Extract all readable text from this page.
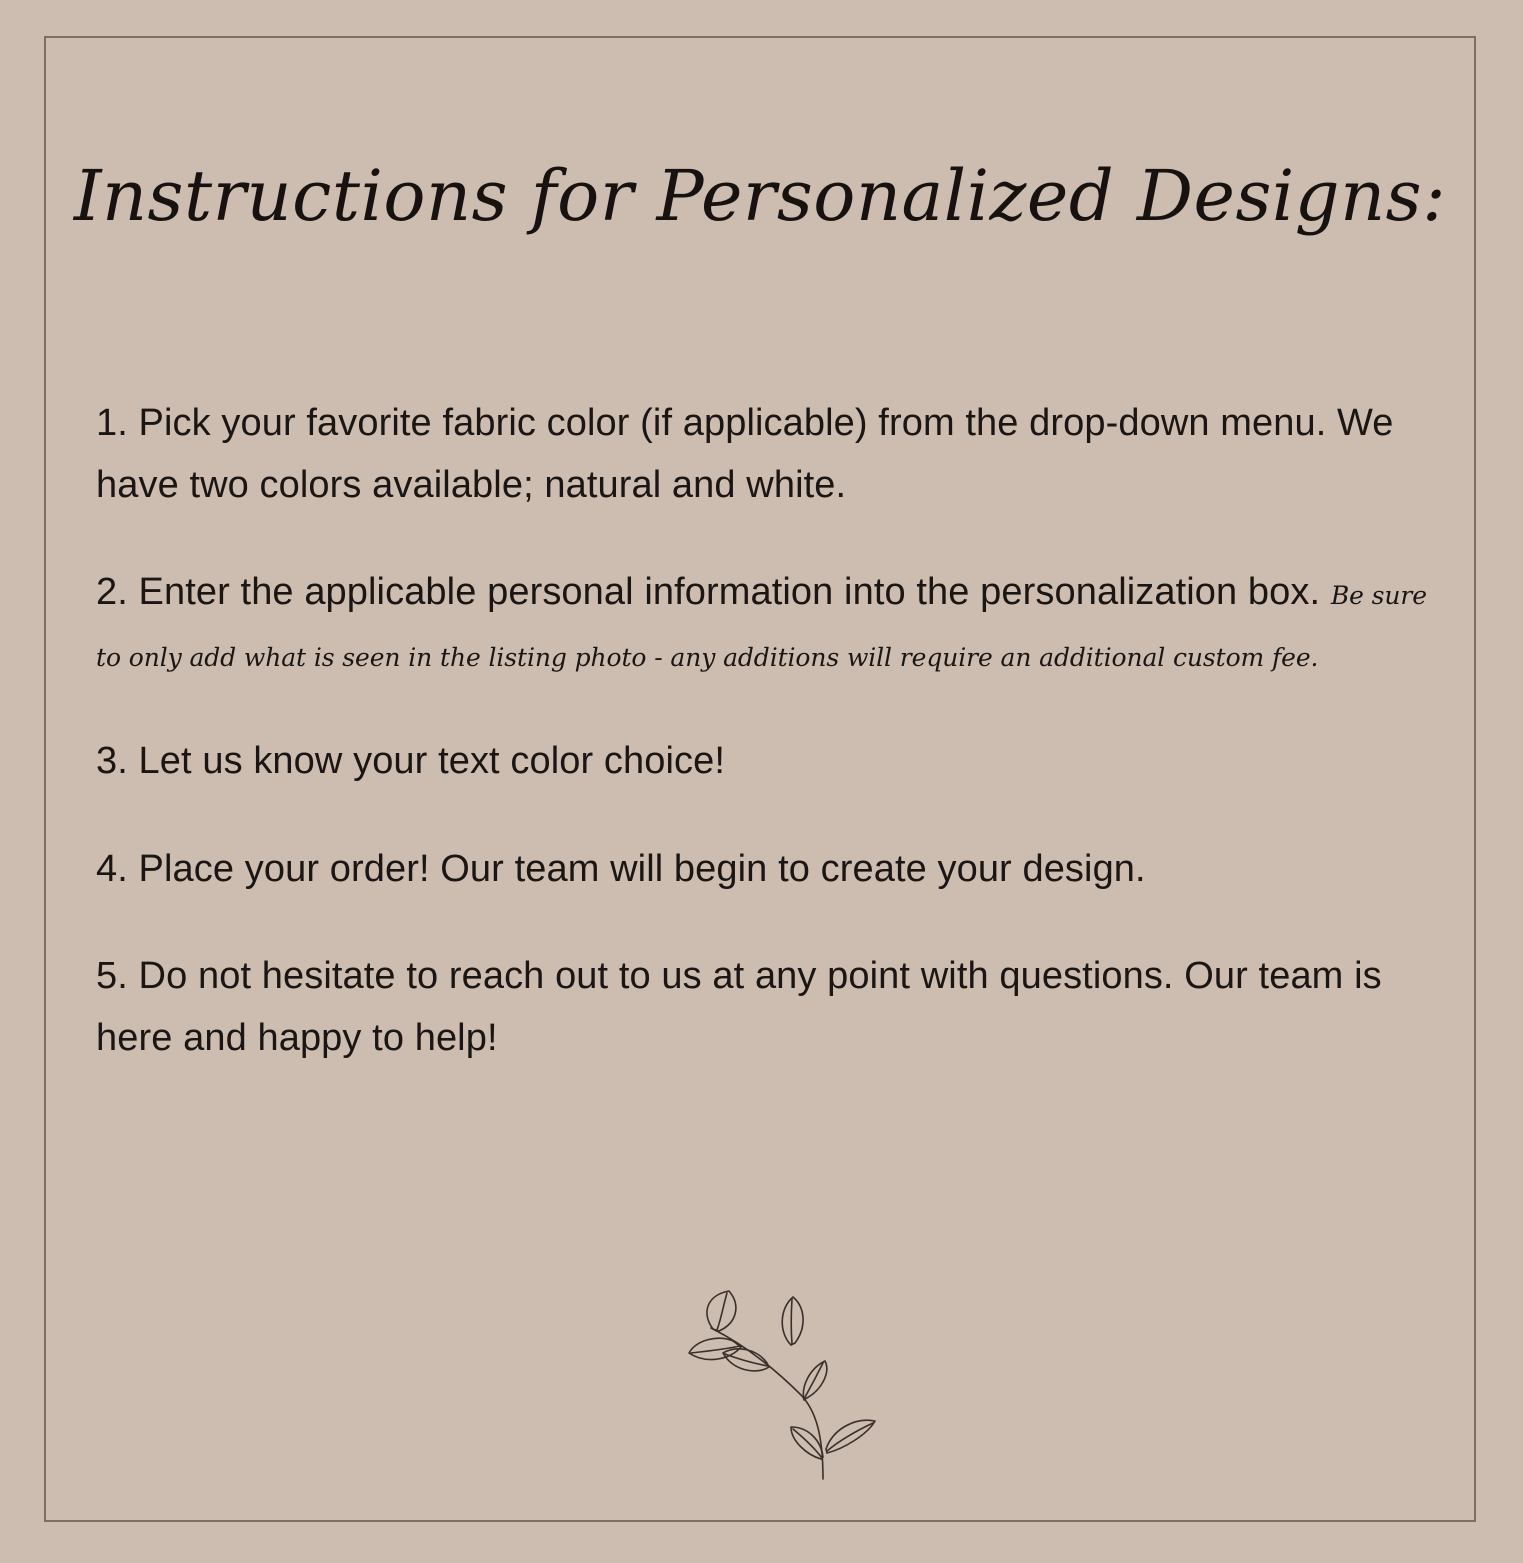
Instructions for Personalized Designs:

1. Pick your favorite fabric color (if applicable) from the drop-down menu. We have two colors available; natural and white.

2. Enter the applicable personal information into the personalization box. Be sure to only add what is seen in the listing photo - any additions will require an additional custom fee.

3. Let us know your text color choice!

4. Place your order! Our team will begin to create your design.

5. Do not hesitate to reach out to us at any point with questions. Our team is here and happy to help!
